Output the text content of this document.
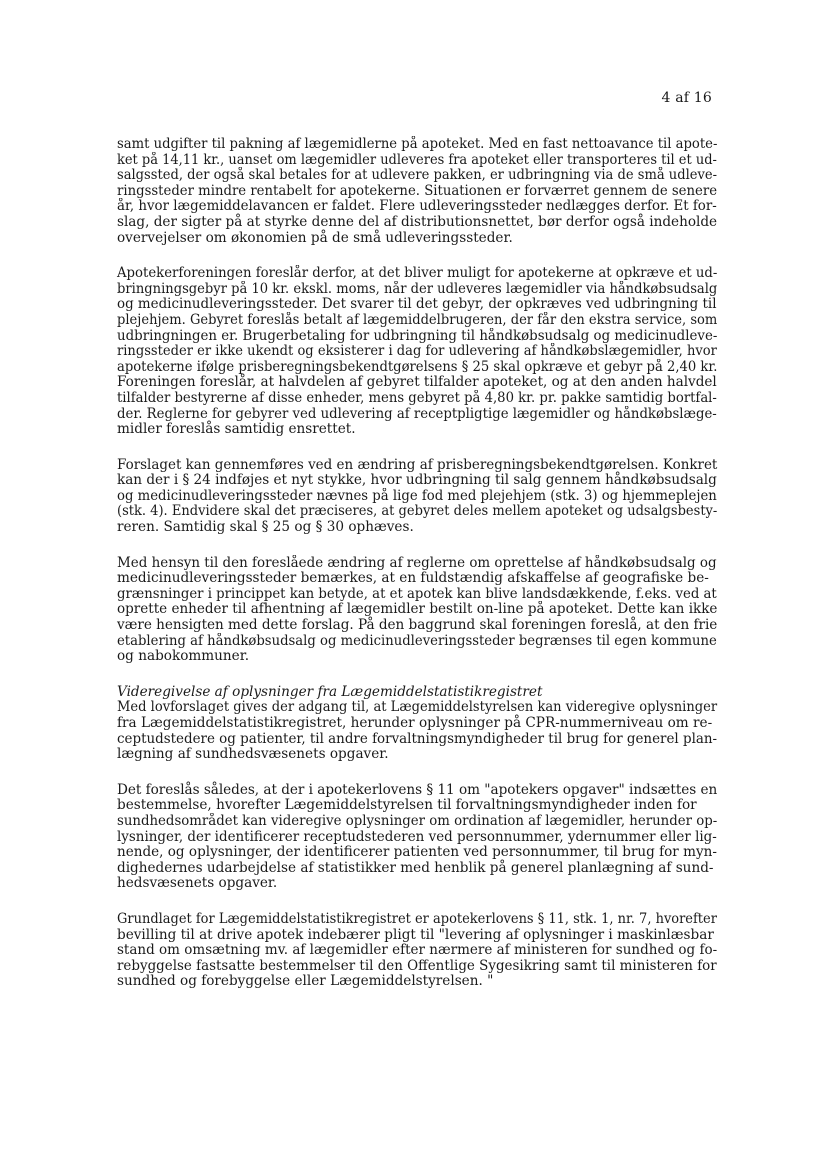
4 af 16

samt udgifter til pakning af lægemidlerne på apoteket. Med en fast nettoavance til apote-
ket på 14,11 kr., uanset om lægemidler udleveres fra apoteket eller transporteres til et ud-
salgssted, der også skal betales for at udlevere pakken, er udbringning via de små udleve-
ringssteder mindre rentabelt for apotekerne. Situationen er forværret gennem de senere
år, hvor lægemiddelavancen er faldet. Flere udleveringssteder nedlægges derfor. Et for-
slag, der sigter på at styrke denne del af distributionsnettet, bør derfor også indeholde
overvejelser om økonomien på de små udleveringssteder.

Apotekerforeningen foreslår derfor, at det bliver muligt for apotekerne at opkræve et ud-
bringningsgebyr på 10 kr. ekskl. moms, når der udleveres lægemidler via håndkøbsudsalg
og medicinudleveringssteder. Det svarer til det gebyr, der opkræves ved udbringning til
plejehjem. Gebyret foreslås betalt af lægemiddelbrugeren, der får den ekstra service, som
udbringningen er. Brugerbetaling for udbringning til håndkøbsudsalg og medicinudleve-
ringssteder er ikke ukendt og eksisterer i dag for udlevering af håndkøbslægemidler, hvor
apotekerne ifølge prisberegningsbekendtgørelsens § 25 skal opkræve et gebyr på 2,40 kr.
Foreningen foreslår, at halvdelen af gebyret tilfalder apoteket, og at den anden halvdel
tilfalder bestyrerne af disse enheder, mens gebyret på 4,80 kr. pr. pakke samtidig bortfal-
der. Reglerne for gebyrer ved udlevering af receptpligtige lægemidler og håndkøbslæge-
midler foreslås samtidig ensrettet.

Forslaget kan gennemføres ved en ændring af prisberegningsbekendtgørelsen. Konkret
kan der i § 24 indføjes et nyt stykke, hvor udbringning til salg gennem håndkøbsudsalg
og medicinudleveringssteder nævnes på lige fod med plejehjem (stk. 3) og hjemmeplejen
(stk. 4). Endvidere skal det præciseres, at gebyret deles mellem apoteket og udsalgsbesty-
reren. Samtidig skal § 25 og § 30 ophæves.

Med hensyn til den foreslåede ændring af reglerne om oprettelse af håndkøbsudsalg og
medicinudleveringssteder bemærkes, at en fuldstændig afskaffelse af geografiske be-
grænsninger i princippet kan betyde, at et apotek kan blive landsdækkende, f.eks. ved at
oprette enheder til afhentning af lægemidler bestilt on-line på apoteket. Dette kan ikke
være hensigten med dette forslag. På den baggrund skal foreningen foreslå, at den frie
etablering af håndkøbsudsalg og medicinudleveringssteder begrænses til egen kommune
og nabokommuner.

Videregivelse af oplysninger fra Lægemiddelstatistikregistret
Med lovforslaget gives der adgang til, at Lægemiddelstyrelsen kan videregive oplysninger
fra Lægemiddelstatistikregistret, herunder oplysninger på CPR-nummerniveau om re-
ceptudstedere og patienter, til andre forvaltningsmyndigheder til brug for generel plan-
lægning af sundhedsvæsenets opgaver.

Det foreslås således, at der i apotekerlovens § 11 om "apotekers opgaver" indsættes en
bestemmelse, hvorefter Lægemiddelstyrelsen til forvaltningsmyndigheder inden for
sundhedsområdet kan videregive oplysninger om ordination af lægemidler, herunder op-
lysninger, der identificerer receptudstederen ved personnummer, ydernummer eller lig-
nende, og oplysninger, der identificerer patienten ved personnummer, til brug for myn-
dighedernes udarbejdelse af statistikker med henblik på generel planlægning af sund-
hedsvæsenets opgaver.

Grundlaget for Lægemiddelstatistikregistret er apotekerlovens § 11, stk. 1, nr. 7, hvorefter
bevilling til at drive apotek indebærer pligt til "levering af oplysninger i maskinlæsbar
stand om omsætning mv. af lægemidler efter nærmere af ministeren for sundhed og fo-
rebyggelse fastsatte bestemmelser til den Offentlige Sygesikring samt til ministeren for
sundhed og forebyggelse eller Lægemiddelstyrelsen. "
